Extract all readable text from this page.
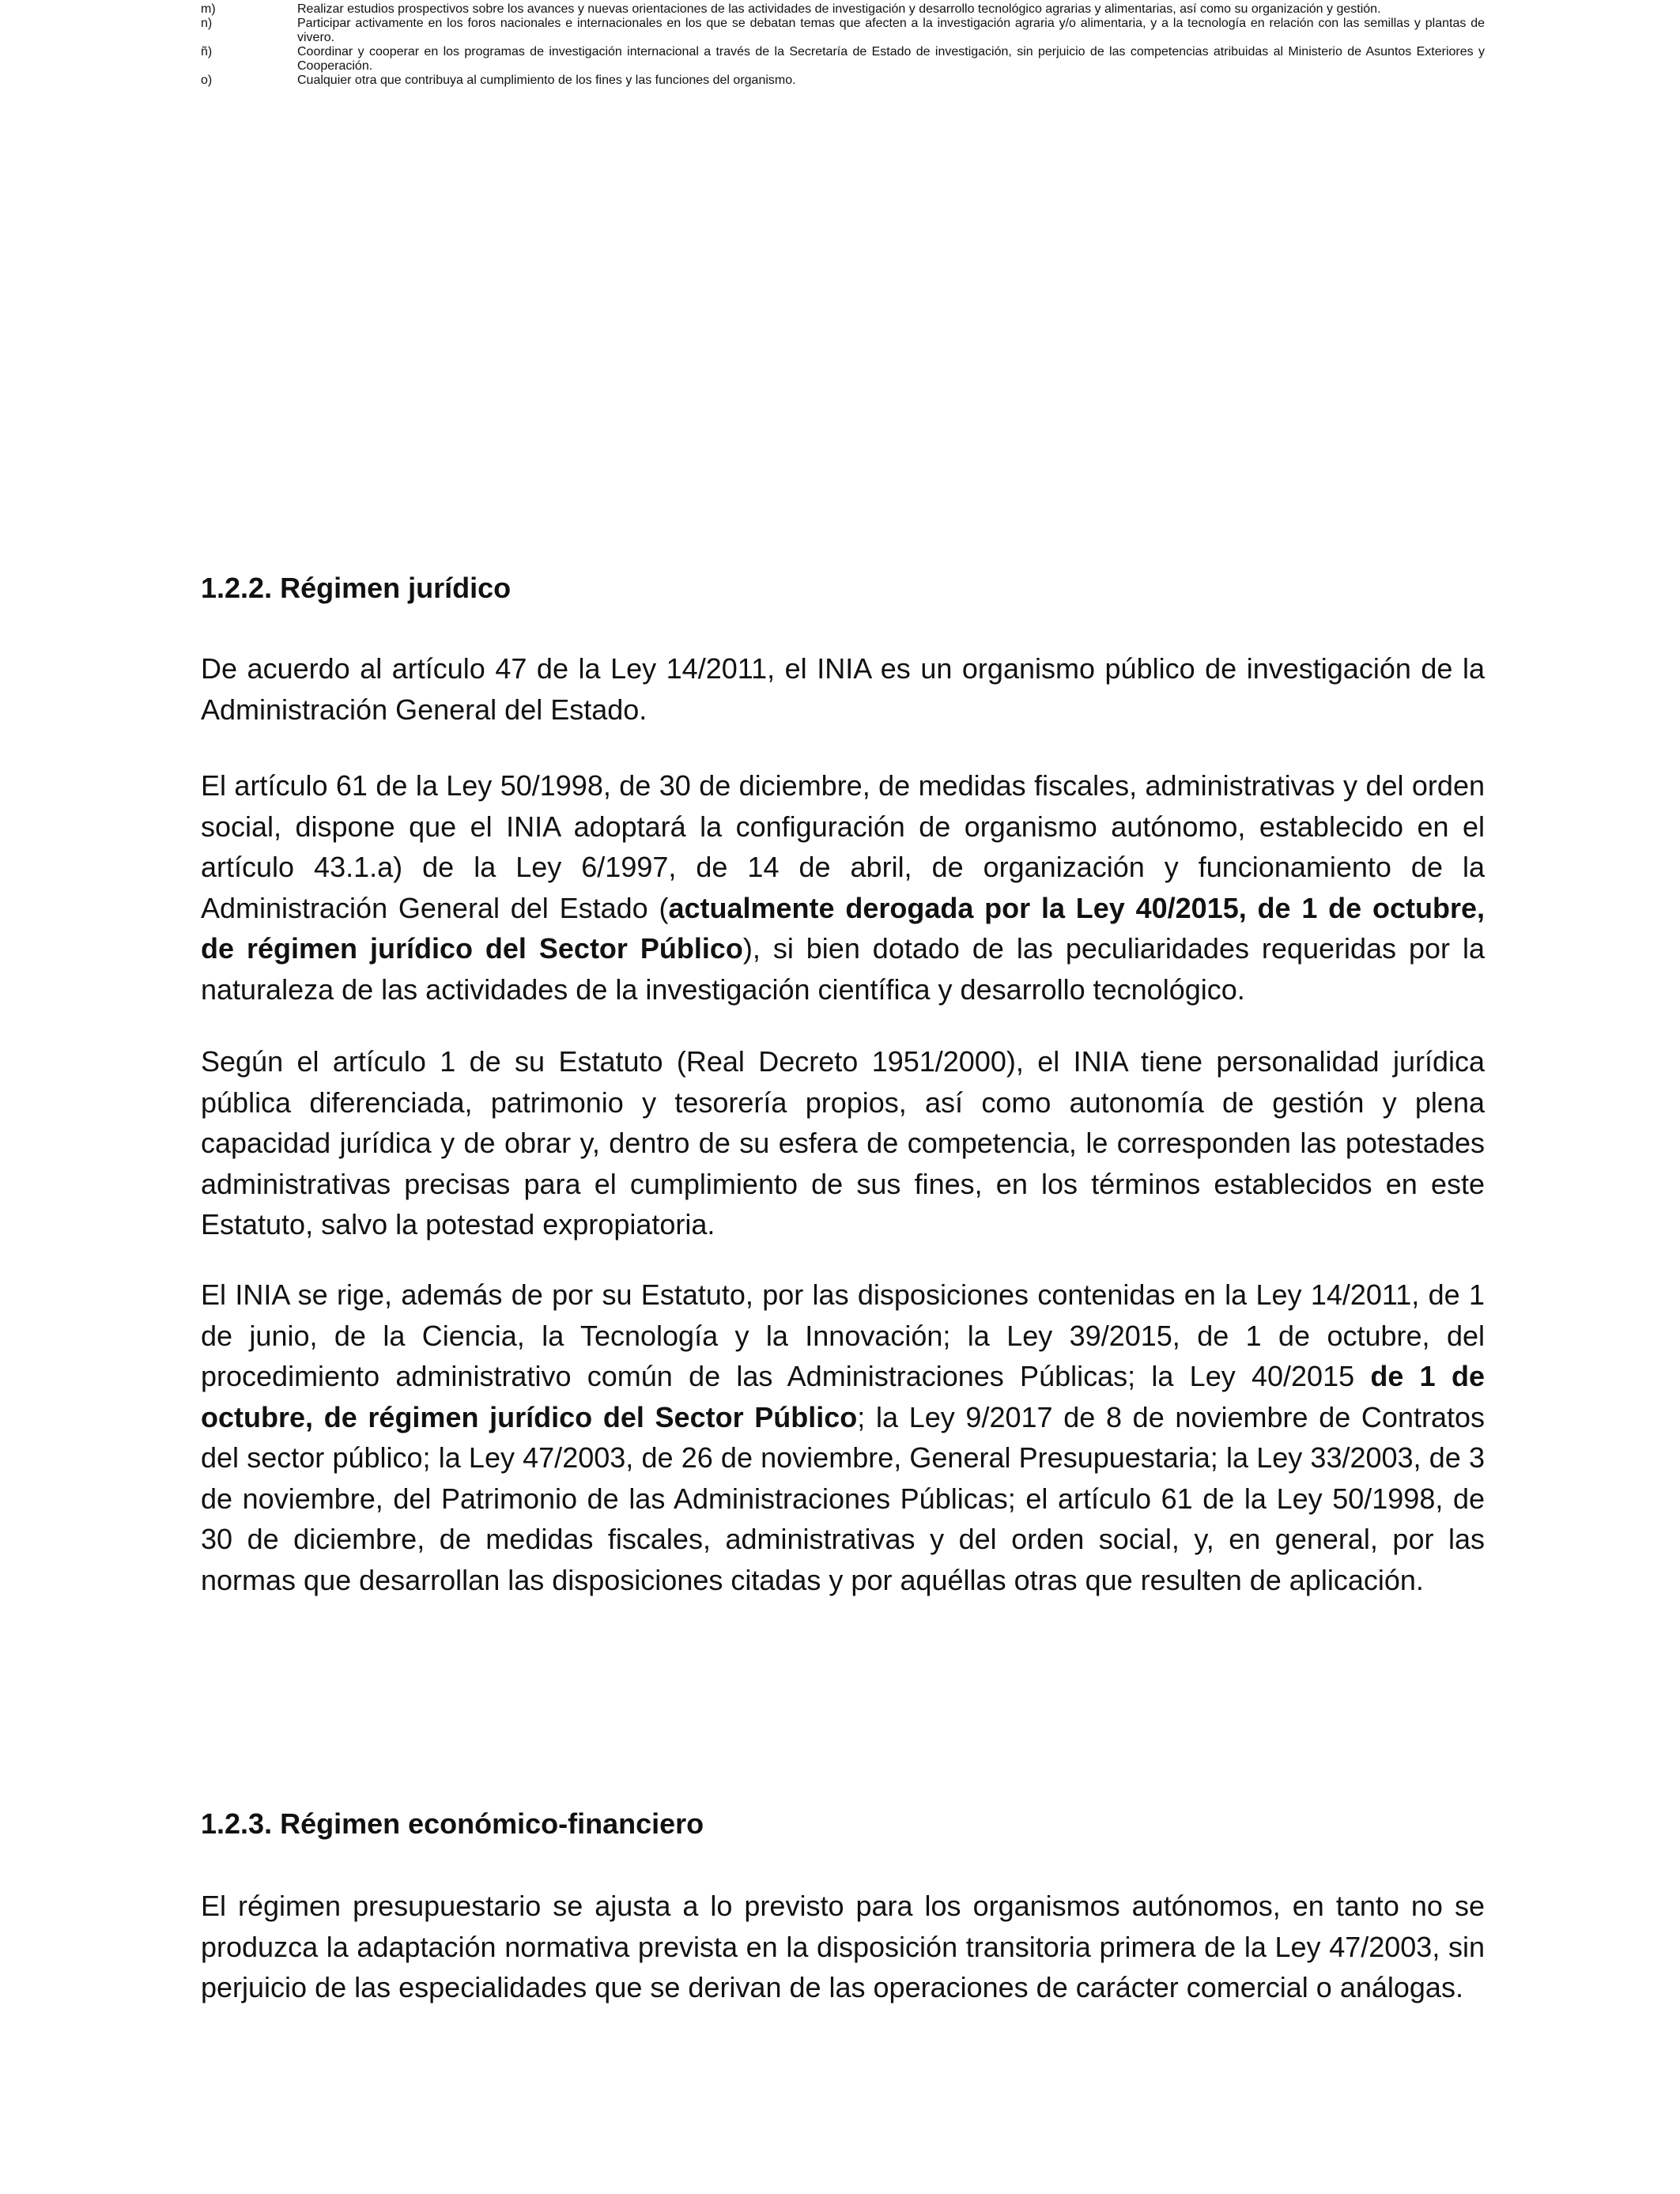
m)	Realizar estudios prospectivos sobre los avances y nuevas orientaciones de las actividades de investigación y desarrollo tecnológico agrarias y alimentarias, así como su organización y gestión.
n)	Participar activamente en los foros nacionales e internacionales en los que se debatan temas que afecten a la investigación agraria y/o alimentaria, y a la tecnología en relación con las semillas y plantas de vivero.
ñ)	Coordinar y cooperar en los programas de investigación internacional a través de la Secretaría de Estado de investigación, sin perjuicio de las competencias atribuidas al Ministerio de Asuntos Exteriores y Cooperación.
o)	Cualquier otra que contribuya al cumplimiento de los fines y las funciones del organismo.
1.2.2. Régimen jurídico

De acuerdo al artículo 47 de la Ley 14/2011, el INIA es un organismo público de investigación de la Administración General del Estado.

El artículo 61 de la Ley 50/1998, de 30 de diciembre, de medidas fiscales, administrativas y del orden social, dispone que el INIA adoptará la configuración de organismo autónomo, establecido en el artículo 43.1.a) de la Ley 6/1997, de 14 de abril, de organización y funcionamiento de la Administración General del Estado (actualmente derogada por la Ley 40/2015, de 1 de octubre, de régimen jurídico del Sector Público), si bien dotado de las peculiaridades requeridas por la naturaleza de las actividades de la investigación científica y desarrollo tecnológico.

Según el artículo 1 de su Estatuto (Real Decreto 1951/2000), el INIA tiene personalidad jurídica pública diferenciada, patrimonio y tesorería propios, así como autonomía de gestión y plena capacidad jurídica y de obrar y, dentro de su esfera de competencia, le corresponden las potestades administrativas precisas para el cumplimiento de sus fines, en los términos establecidos en este Estatuto, salvo la potestad expropiatoria.

El INIA se rige, además de por su Estatuto, por las disposiciones contenidas en la Ley 14/2011, de 1 de junio, de la Ciencia, la Tecnología y la Innovación; la Ley 39/2015, de 1 de octubre, del procedimiento administrativo común de las Administraciones Públicas; la Ley 40/2015 de 1 de octubre, de régimen jurídico del Sector Público; la Ley 9/2017 de 8 de noviembre de Contratos del sector público; la Ley 47/2003, de 26 de noviembre, General Presupuestaria; la Ley 33/2003, de 3 de noviembre, del Patrimonio de las Administraciones Públicas; el artículo 61 de la Ley 50/1998, de 30 de diciembre, de medidas fiscales, administrativas y del orden social, y, en general, por las normas que desarrollan las disposiciones citadas y por aquéllas otras que resulten de aplicación.

1.2.3. Régimen económico-financiero

El régimen presupuestario se ajusta a lo previsto para los organismos autónomos, en tanto no se produzca la adaptación normativa prevista en la disposición transitoria primera de la Ley 47/2003, sin perjuicio de las especialidades que se derivan de las operaciones de carácter comercial o análogas.
